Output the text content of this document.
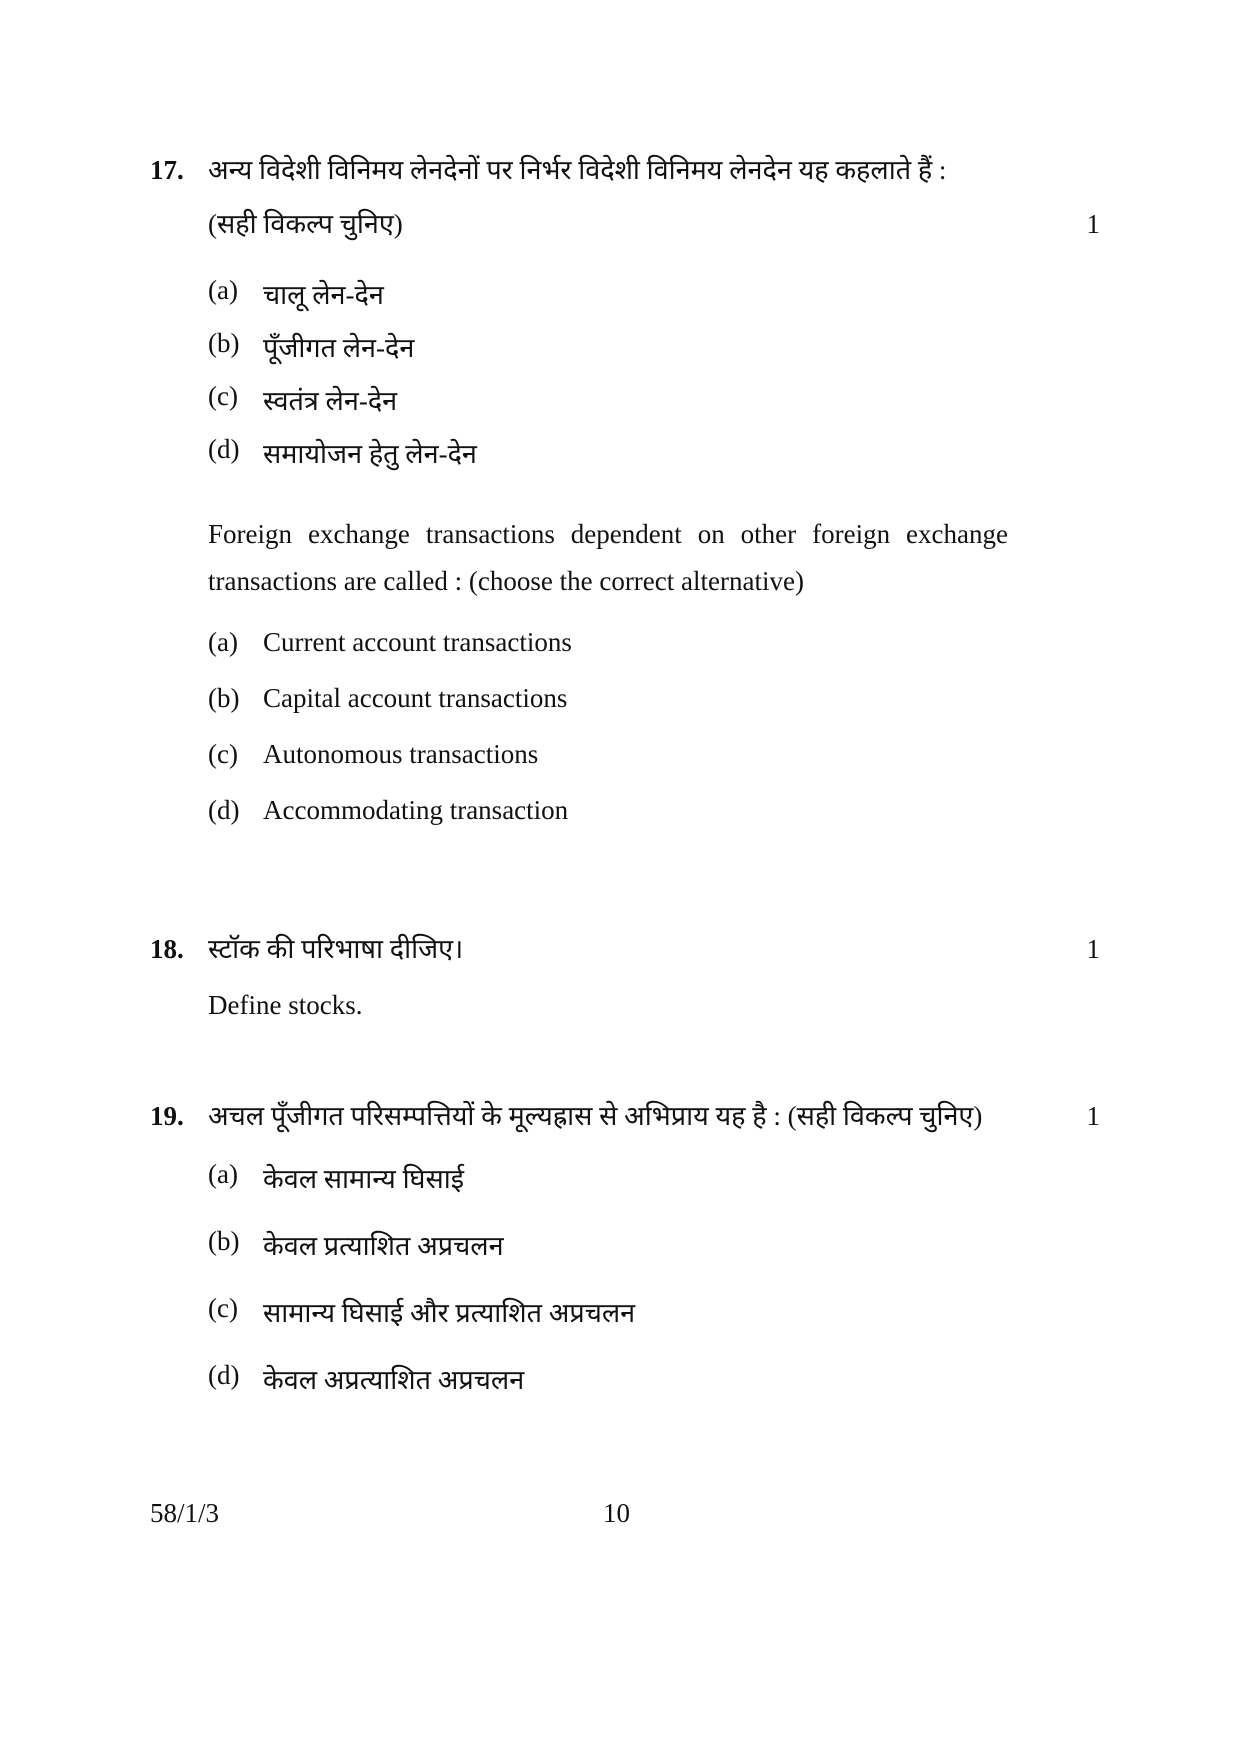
17. अन्य विदेशी विनिमय लेनदेनों पर निर्भर विदेशी विनिमय लेनदेन यह कहलाते हैं :
(सही विकल्प चुनिए)	1
(a) चालू लेन-देन
(b) पूँजीगत लेन-देन
(c) स्वतंत्र लेन-देन
(d) समायोजन हेतु लेन-देन
Foreign exchange transactions dependent on other foreign exchange transactions are called : (choose the correct alternative)
(a) Current account transactions
(b) Capital account transactions
(c) Autonomous transactions
(d) Accommodating transaction
18. स्टॉक की परिभाषा दीजिए।	1
Define stocks.
19. अचल पूँजीगत परिसम्पत्तियों के मूल्यह्रास से अभिप्राय यह है : (सही विकल्प चुनिए)	1
(a) केवल सामान्य घिसाई
(b) केवल प्रत्याशित अप्रचलन
(c) सामान्य घिसाई और प्रत्याशित अप्रचलन
(d) केवल अप्रत्याशित अप्रचलन
58/1/3	10
